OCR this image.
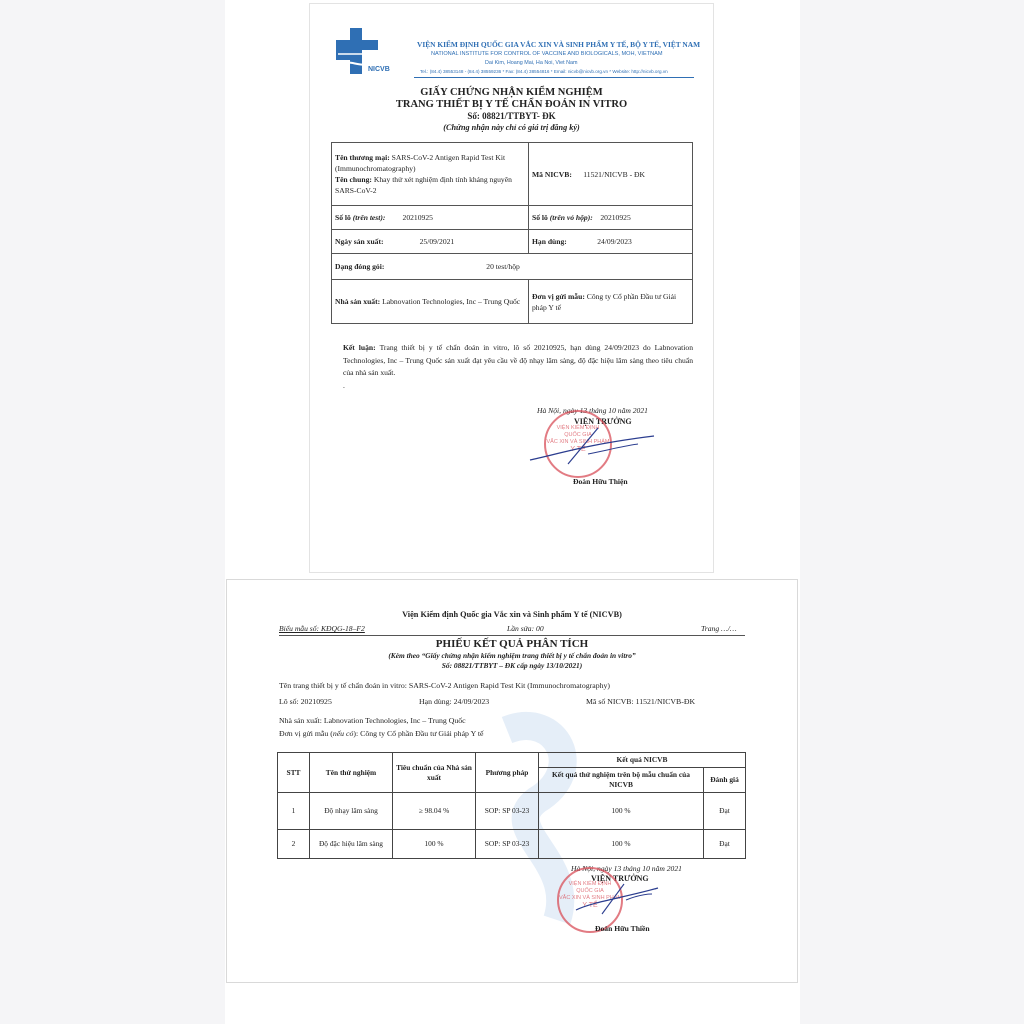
NICVB
VIỆN KIỂM ĐỊNH QUỐC GIA VẮC XIN VÀ SINH PHẨM Y TẾ, BỘ Y TẾ, VIỆT NAM
NATIONAL INSTITUTE FOR CONTROL OF VACCINE AND BIOLOGICALS, MOH, VIETNAM
Dai Kim, Hoang Mai, Ha Noi, Viet Nam
Tel.: (84.4) 38553148 - (84.4) 38559236 * Fax: (84.4) 38554816 * Email: nicvb@nicvb.org.vn * Website: http://nicvb.org.vn
GIẤY CHỨNG NHẬN KIỂM NGHIỆM
TRANG THIẾT BỊ Y TẾ CHẨN ĐOÁN IN VITRO
Số: 08821/TTBYT- ĐK
(Chứng nhận này chỉ có giá trị đăng ký)
Tên thương mại: SARS-CoV-2 Antigen Rapid Test Kit (Immunochromatography)
Tên chung: Khay thử xét nghiệm định tính kháng nguyên SARS-CoV-2	Mã NICVB: 11521/NICVB - ĐK
Số lô (trên test): 20210925	Số lô (trên vỏ hộp): 20210925
Ngày sản xuất: 25/09/2021	Hạn dùng: 24/09/2023
Dạng đóng gói: 20 test/hộp	
Nhà sản xuất: Labnovation Technologies, Inc – Trung Quốc	Đơn vị gửi mẫu: Công ty Cổ phần Đầu tư Giải pháp Y tế
Kết luận: Trang thiết bị y tế chẩn đoán in vitro, lô số 20210925, hạn dùng 24/09/2023 do Labnovation Technologies, Inc – Trung Quốc sản xuất đạt yêu cầu về độ nhạy lâm sàng, độ đặc hiệu lâm sàng theo tiêu chuẩn của nhà sản xuất.
.
Hà Nội, ngày 13 tháng 10 năm 2021
VIỆN TRƯỞNG
VIỆN KIỂM ĐỊNH
QUỐC GIA
VẮC XIN VÀ SINH PHẨM
Y TẾ
Đoàn Hữu Thiện
Viện Kiểm định Quốc gia Vắc xin và Sinh phẩm Y tế (NICVB)
Biểu mẫu số: KĐQG-18–F2	Lần sửa: 00	Trang …/…
PHIẾU KẾT QUẢ PHÂN TÍCH
(Kèm theo “Giấy chứng nhận kiểm nghiệm trang thiết bị y tế chẩn đoán in vitro”
Số: 08821/TTBYT – ĐK cấp ngày 13/10/2021)
Tên trang thiết bị y tế chẩn đoán in vitro: SARS-CoV-2 Antigen Rapid Test Kit (Immunochromatography)
Lô số: 20210925	Hạn dùng: 24/09/2023	Mã số NICVB: 11521/NICVB-ĐK
Nhà sản xuất: Labnovation Technologies, Inc – Trung Quốc
Đơn vị gửi mẫu (nếu có): Công ty Cổ phần Đầu tư Giải pháp Y tế
STT	Tên thử nghiệm	Tiêu chuẩn của Nhà sản xuất	Phương pháp	Kết quả NICVB	
				Kết quả thử nghiệm trên bộ mẫu chuẩn của NICVB	Đánh giá
1	Độ nhạy lâm sàng	≥ 98.04 %	SOP: SP 03-23	100 %	Đạt
2	Độ đặc hiệu lâm sàng	100 %	SOP: SP 03-23	100 %	Đạt
Hà Nội, ngày 13 tháng 10 năm 2021
VIỆN TRƯỞNG
VIỆN KIỂM ĐỊNH
QUỐC GIA
VẮC XIN VÀ SINH PHẨM
Y TẾ
Đoàn Hữu Thiền
